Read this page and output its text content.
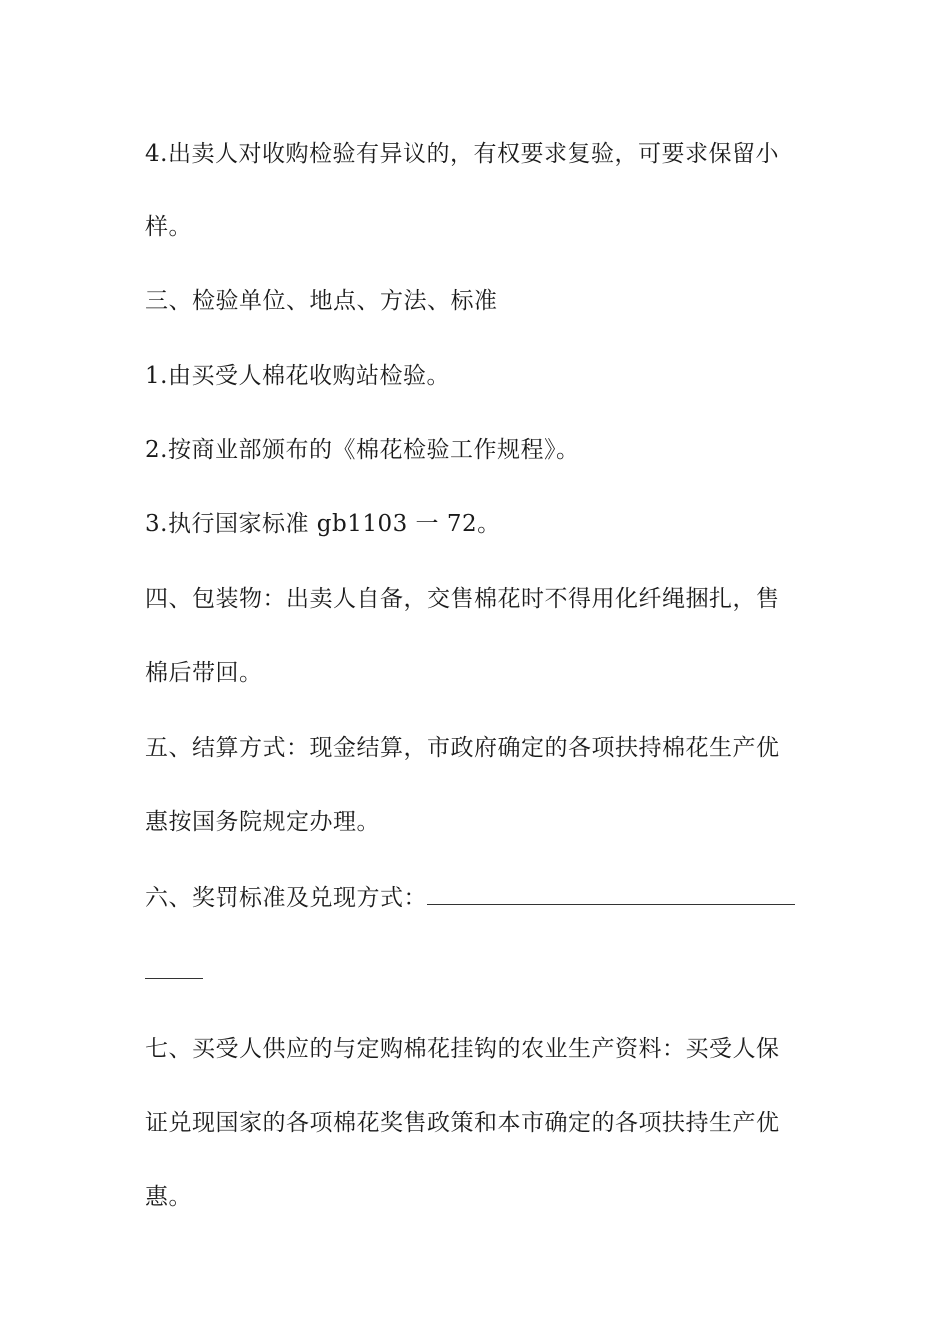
4.出卖人对收购检验有异议的，有权要求复验，可要求保留小
样。
三、检验单位、地点、方法、标准
1.由买受人棉花收购站检验。
2.按商业部颁布的《棉花检验工作规程》。
3.执行国家标准 gb1103 一 72。
四、包装物：出卖人自备，交售棉花时不得用化纤绳捆扎，售
棉后带回。
五、结算方式：现金结算，市政府确定的各项扶持棉花生产优
惠按国务院规定办理。
六、奖罚标准及兑现方式：
七、买受人供应的与定购棉花挂钩的农业生产资料：买受人保
证兑现国家的各项棉花奖售政策和本市确定的各项扶持生产优
惠。
